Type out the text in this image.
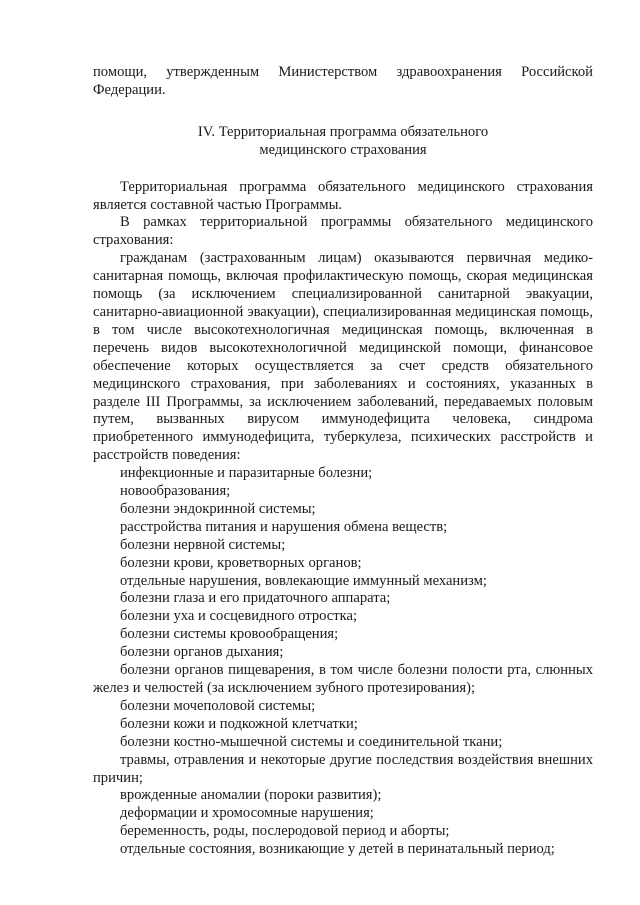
помощи, утвержденным Министерством здравоохранения Российской Федерации.

IV. Территориальная программа обязательного

медицинского страхования

Территориальная программа обязательного медицинского страхования является составной частью Программы.

В рамках территориальной программы обязательного медицинского страхования:

гражданам (застрахованным лицам) оказываются первичная медико-санитарная помощь, включая профилактическую помощь, скорая медицинская помощь (за исключением специализированной санитарной эвакуации, санитарно-авиационной эвакуации), специализированная медицинская помощь, в том числе высокотехнологичная медицинская помощь, включенная в перечень видов высокотехнологичной медицинской помощи, финансовое обеспечение которых осуществляется за счет средств обязательного медицинского страхования, при заболеваниях и состояниях, указанных в разделе III Программы, за исключением заболеваний, передаваемых половым путем, вызванных вирусом иммунодефицита человека, синдрома приобретенного иммунодефицита, туберкулеза, психических расстройств и расстройств поведения:

инфекционные и паразитарные болезни;

новообразования;

болезни эндокринной системы;

расстройства питания и нарушения обмена веществ;

болезни нервной системы;

болезни крови, кроветворных органов;

отдельные нарушения, вовлекающие иммунный механизм;

болезни глаза и его придаточного аппарата;

болезни уха и сосцевидного отростка;

болезни системы кровообращения;

болезни органов дыхания;

болезни органов пищеварения, в том числе болезни полости рта, слюнных желез и челюстей (за исключением зубного протезирования);

болезни мочеполовой системы;

болезни кожи и подкожной клетчатки;

болезни костно-мышечной системы и соединительной ткани;

травмы, отравления и некоторые другие последствия воздействия внешних причин;

врожденные аномалии (пороки развития);

деформации и хромосомные нарушения;

беременность, роды, послеродовой период и аборты;

отдельные состояния, возникающие у детей в перинатальный период;
